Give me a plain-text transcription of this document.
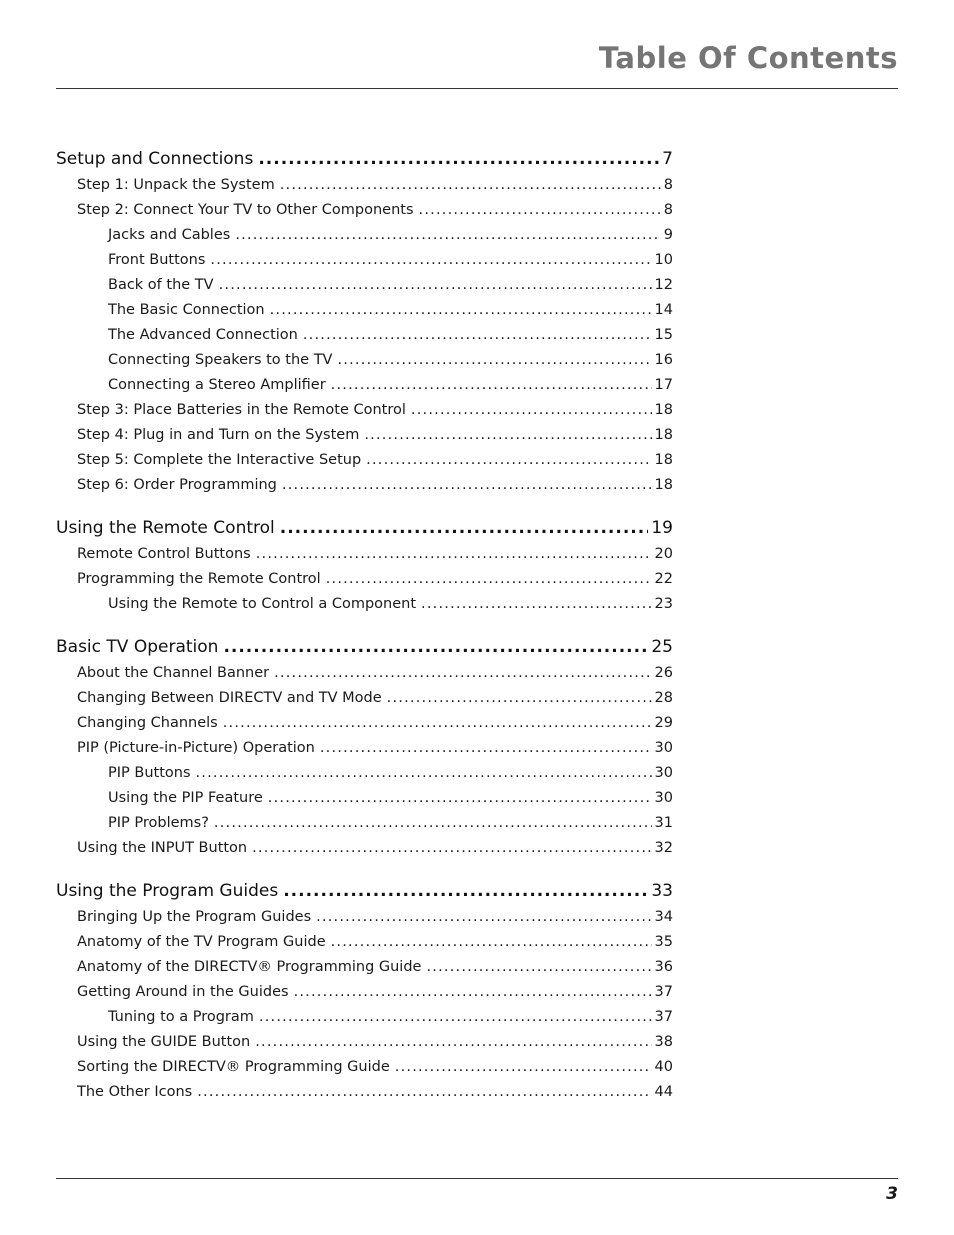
Table Of Contents
Setup and Connections .....	7
Step 1: Unpack the System .....	8
Step 2: Connect Your TV to Other Components .....	8
Jacks and Cables .....	9
Front Buttons .....	10
Back of the TV .....	12
The Basic Connection .....	14
The Advanced Connection .....	15
Connecting Speakers to the TV .....	16
Connecting a Stereo Amplifier .....	17
Step 3: Place Batteries in the Remote Control .....	18
Step 4: Plug in and Turn on the System .....	18
Step 5: Complete the Interactive Setup .....	18
Step 6: Order Programming .....	18
Using the Remote Control .....	19
Remote Control Buttons .....	20
Programming the Remote Control .....	22
Using the Remote to Control a Component .....	23
Basic TV Operation .....	25
About the Channel Banner .....	26
Changing Between DIRECTV and TV Mode .....	28
Changing Channels .....	29
PIP (Picture-in-Picture) Operation .....	30
PIP Buttons .....	30
Using the PIP Feature .....	30
PIP Problems? .....	31
Using the INPUT Button .....	32
Using the Program Guides .....	33
Bringing Up the Program Guides .....	34
Anatomy of the TV Program Guide .....	35
Anatomy of the DIRECTV® Programming Guide .....	36
Getting Around in the Guides .....	37
Tuning to a Program .....	37
Using the GUIDE Button .....	38
Sorting the DIRECTV® Programming Guide .....	40
The Other Icons .....	44
3
